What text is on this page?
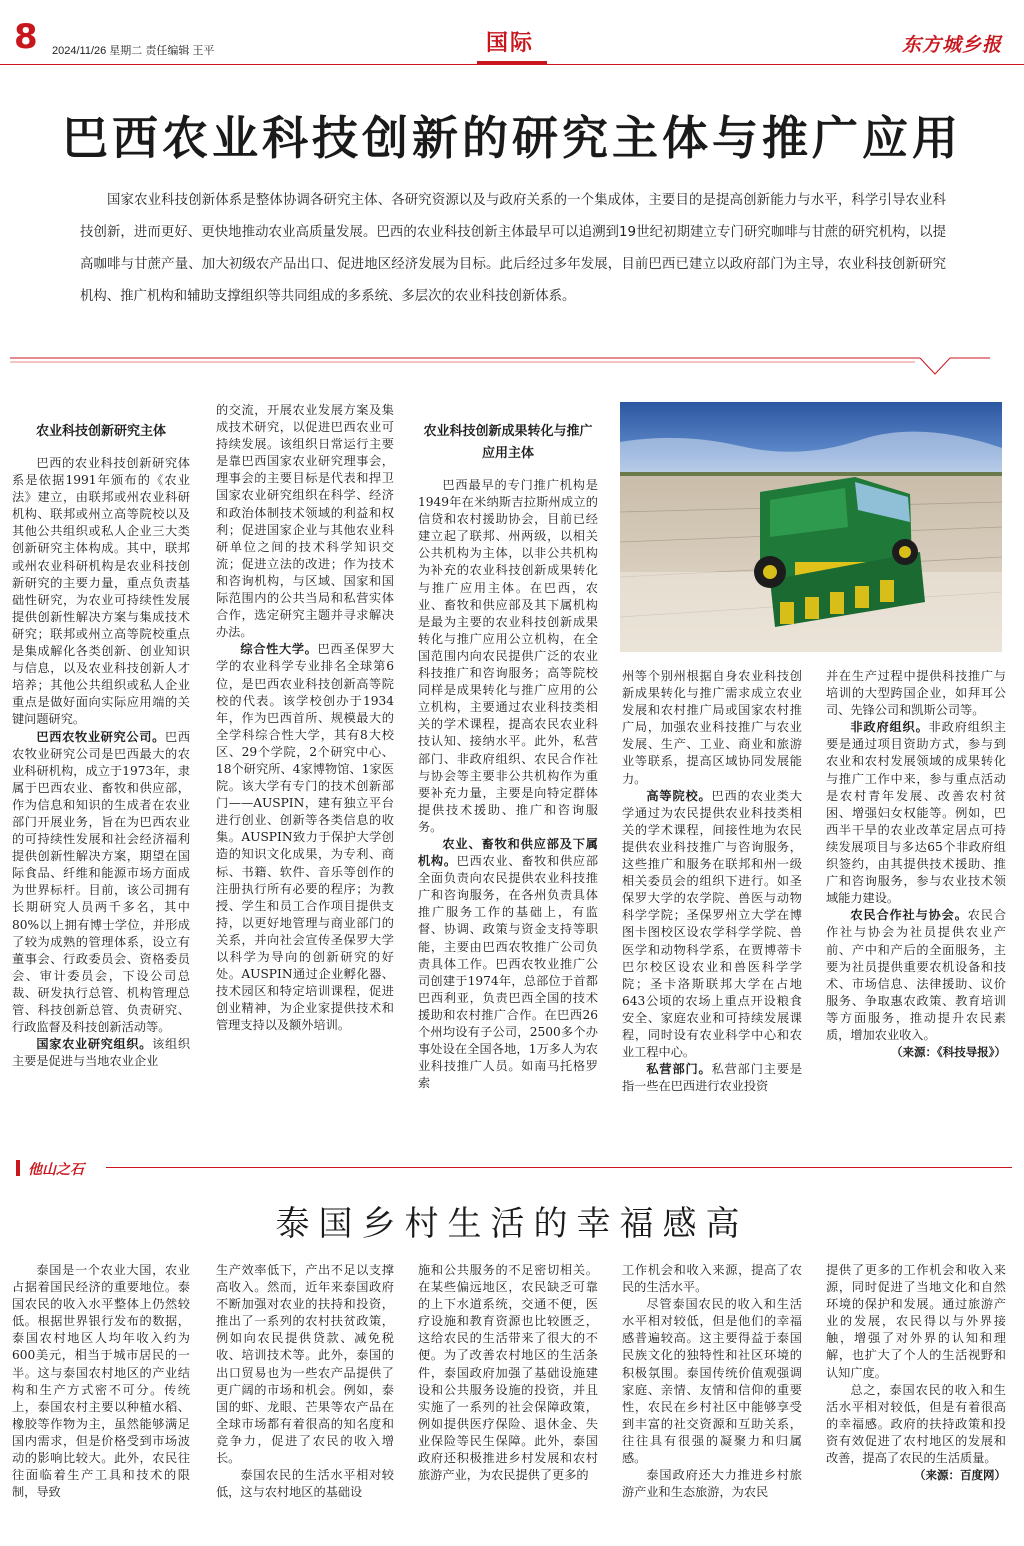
8 2024/11/26 星期二 责任编辑 王平	国际	东方城乡报
巴西农业科技创新的研究主体与推广应用
国家农业科技创新体系是整体协调各研究主体、各研究资源以及与政府关系的一个集成体，主要目的是提高创新能力与水平，科学引导农业科技创新，进而更好、更快地推动农业高质量发展。巴西的农业科技创新主体最早可以追溯到19世纪初期建立专门研究咖啡与甘蔗的研究机构，以提高咖啡与甘蔗产量、加大初级农产品出口、促进地区经济发展为目标。此后经过多年发展，目前巴西已建立以政府部门为主导，农业科技创新研究机构、推广机构和辅助支撑组织等共同组成的多系统、多层次的农业科技创新体系。
农业科技创新研究主体

巴西的农业科技创新研究体系是依据1991年颁布的《农业法》建立，由联邦或州农业科研机构、联邦或州立高等院校以及其他公共组织或私人企业三大类创新研究主体构成。其中，联邦或州农业科研机构是农业科技创新研究的主要力量，重点负责基础性研究，为农业可持续性发展提供创新性解决方案与集成技术研究；联邦或州立高等院校重点是集成解化各类创新、创业知识与信息，以及农业科技创新人才培养；其他公共组织或私人企业重点是做好面向实际应用端的关键问题研究。

巴西农牧业研究公司。巴西农牧业研究公司是巴西最大的农业科研机构，成立于1973年，隶属于巴西农业、畜牧和供应部，作为信息和知识的生成者在农业部门开展业务，旨在为巴西农业的可持续性发展和社会经济福利提供创新性解决方案，期望在国际食品、纤维和能源市场方面成为世界标杆。目前，该公司拥有长期研究人员两千多名，其中80%以上拥有博士学位，并形成了较为成熟的管理体系，设立有董事会、行政委员会、资格委员会、审计委员会，下设公司总裁、研发执行总管、机构管理总管、科技创新总管、负责研究、行政监督及科技创新活动等。

国家农业研究组织。该组织主要是促进与当地农业企业

的交流，开展农业发展方案及集成技术研究，以促进巴西农业可持续发展。该组织日常运行主要是靠巴西国家农业研究理事会，理事会的主要目标是代表和捍卫国家农业研究组织在科学、经济和政治体制技术领域的利益和权利；促进国家企业与其他农业科研单位之间的技术科学知识交流；促进立法的改进；作为技术和咨询机构，与区域、国家和国际范围内的公共当局和私营实体合作，选定研究主题并寻求解决办法。

综合性大学。巴西圣保罗大学的农业科学专业排名全球第6位，是巴西农业科技创新高等院校的代表。该学校创办于1934年，作为巴西首所、规模最大的全学科综合性大学，其有8大校区、29个学院，2个研究中心、18个研究所、4家博物馆、1家医院。该大学有专门的技术创新部门——AUSPIN，建有独立平台进行创业、创新等各类信息的收集。AUSPIN致力于保护大学创造的知识文化成果，为专利、商标、书籍、软件、音乐等创作的注册执行所有必要的程序；为教授、学生和员工合作项目提供支持，以更好地管理与商业部门的关系，并向社会宣传圣保罗大学以科学为导向的创新研究的好处。AUSPIN通过企业孵化器、技术园区和特定培训课程，促进创业精神，为企业家提供技术和管理支持以及额外培训。

农业科技创新成果转化与推广应用主体

巴西最早的专门推广机构是1949年在米纳斯吉拉斯州成立的信贷和农村援助协会，目前已经建立起了联邦、州两级，以相关公共机构为主体，以非公共机构为补充的农业科技创新成果转化与推广应用主体。在巴西，农业、畜牧和供应部及其下属机构是最为主要的农业科技创新成果转化与推广应用公立机构，在全国范围内向农民提供广泛的农业科技推广和咨询服务；高等院校同样是成果转化与推广应用的公立机构，主要通过农业科技类相关的学术课程，提高农民农业科技认知、接纳水平。此外，私营部门、非政府组织、农民合作社与协会等主要非公共机构作为重要补充力量，主要是向特定群体提供技术援助、推广和咨询服务。

农业、畜牧和供应部及下属机构。巴西农业、畜牧和供应部全面负责向农民提供农业科技推广和咨询服务，在各州负责具体推广服务工作的基础上，有监督、协调、政策与资金支持等职能，主要由巴西农牧推广公司负责具体工作。巴西农牧业推广公司创建于1974年，总部位于首都巴西利亚，负责巴西全国的技术援助和农村推广合作。在巴西26个州均设有子公司，2500多个办事处设在全国各地，1万多人为农业科技推广人员。如南马托格罗索

州等个别州根据自身农业科技创新成果转化与推广需求成立农业发展和农村推广局或国家农村推广局，加强农业科技推广与农业发展、生产、工业、商业和旅游业等联系，提高区域协同发展能力。

高等院校。巴西的农业类大学通过为农民提供农业科技类相关的学术课程，间接性地为农民提供农业科技推广与咨询服务，这些推广和服务在联邦和州一级相关委员会的组织下进行。如圣保罗大学的农学院、兽医与动物科学学院；圣保罗州立大学在博图卡图校区设农学科学学院、兽医学和动物科学系，在贾博蒂卡巴尔校区设农业和兽医科学学院；圣卡洛斯联邦大学在占地643公顷的农场上重点开设粮食安全、家庭农业和可持续发展课程，同时设有农业科学中心和农业工程中心。

私营部门。私营部门主要是指一些在巴西进行农业投资

并在生产过程中提供科技推广与培训的大型跨国企业，如拜耳公司、先锋公司和凯斯公司等。

非政府组织。非政府组织主要是通过项目资助方式，参与到农业和农村发展领域的成果转化与推广工作中来，参与重点活动是农村青年发展、改善农村贫困、增强妇女权能等。例如，巴西半干旱的农业改革定居点可持续发展项目与多达65个非政府组织签约，由其提供技术援助、推广和咨询服务，参与农业技术领域能力建设。

农民合作社与协会。农民合作社与协会为社员提供农业产前、产中和产后的全面服务，主要为社员提供重要农机设备和技术、市场信息、法律援助、议价服务、争取惠农政策、教育培训等方面服务，推动提升农民素质，增加农业收入。

（来源：《科技导报》）

他山之石
泰国乡村生活的幸福感高

泰国是一个农业大国，农业占据着国民经济的重要地位。泰国农民的收入水平整体上仍然较低。根据世界银行发布的数据，泰国农村地区人均年收入约为600美元，相当于城市居民的一半。这与泰国农村地区的产业结构和生产方式密不可分。传统上，泰国农村主要以种植水稻、橡胶等作物为主，虽然能够满足国内需求，但是价格受到市场波动的影响比较大。此外，农民往往面临着生产工具和技术的限制，导致

生产效率低下，产出不足以支撑高收入。然而，近年来泰国政府不断加强对农业的扶持和投资，推出了一系列的农村扶贫政策，例如向农民提供贷款、减免税收、培训技术等。此外，泰国的出口贸易也为一些农产品提供了更广阔的市场和机会。例如，泰国的虾、龙眼、芒果等农产品在全球市场都有着很高的知名度和竞争力，促进了农民的收入增长。

泰国农民的生活水平相对较低，这与农村地区的基础设

施和公共服务的不足密切相关。在某些偏远地区，农民缺乏可靠的上下水道系统，交通不便，医疗设施和教育资源也比较匮乏，这给农民的生活带来了很大的不便。为了改善农村地区的生活条件，泰国政府加强了基础设施建设和公共服务设施的投资，并且实施了一系列的社会保障政策，例如提供医疗保险、退休金、失业保险等民生保障。此外，泰国政府还积极推进乡村发展和农村旅游产业，为农民提供了更多的

工作机会和收入来源，提高了农民的生活水平。

尽管泰国农民的收入和生活水平相对较低，但是他们的幸福感普遍较高。这主要得益于泰国民族文化的独特性和社区环境的积极氛围。泰国传统价值观强调家庭、亲情、友情和信仰的重要性，农民在乡村社区中能够享受到丰富的社交资源和互助关系，往往具有很强的凝聚力和归属感。

泰国政府还大力推进乡村旅游产业和生态旅游，为农民

提供了更多的工作机会和收入来源，同时促进了当地文化和自然环境的保护和发展。通过旅游产业的发展，农民得以与外界接触，增强了对外界的认知和理解，也扩大了个人的生活视野和认知广度。

总之，泰国农民的收入和生活水平相对较低，但是有着很高的幸福感。政府的扶持政策和投资有效促进了农村地区的发展和改善，提高了农民的生活质量。

（来源：百度网）
